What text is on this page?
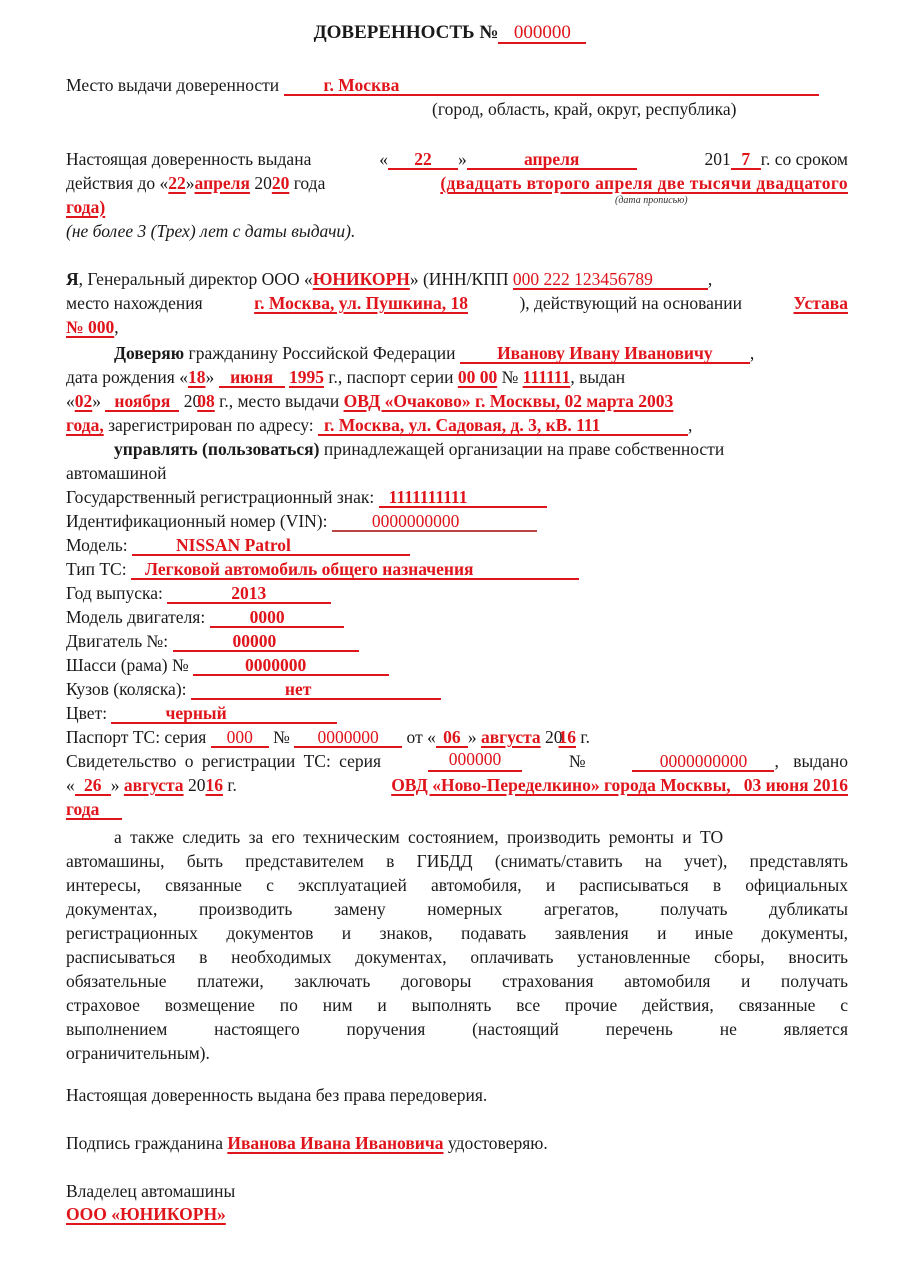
ДОВЕРЕННОСТЬ № 000000
Место выдачи доверенности	г. Москва
(город, область, край, округ, республика)
Настоящая доверенность выдана	« 22 »	апреля	201 7 г. со сроком
действия до «22»апреля 2020 года	(двадцать второго апреля две тысячи двадцатого
(дата прописью)
года)
(не более 3 (Трех) лет с даты выдачи).
Я, Генеральный директор ООО «ЮНИКОРН» (ИНН/КПП 000 222 123456789	,
место нахождения	г. Москва, ул. Пушкина, 18	), действующий на основании	Устава
№ 000,
Доверяю гражданину Российской Федерации Иванову Ивану Ивановичу ,
дата рождения «18» июня 1995 г., паспорт серии 00 00 № 111111, выдан
«02» ноября 2008 г., место выдачи ОВД «Очаково» г. Москвы, 02 марта 2003
года, зарегистрирован по адресу: г. Москва, ул. Садовая, д. 3, кВ. 111	,
управлять (пользоваться) принадлежащей организации на праве собственности
автомашиной
Государственный регистрационный знак: 1111111111
Идентификационный номер (VIN):	0000000000
Модель:	NISSAN Patrol
Тип ТС: Легковой автомобиль общего назначения
Год выпуска:	2013
Модель двигателя:	0000
Двигатель №:	00000
Шасси (рама) №	0000000
Кузов (коляска):	нет
Цвет:	черный
Паспорт ТС: серия 000 № 0000000 от « 06 » августа 2016 г.
Свидетельство о регистрации ТС: серия	000000	№	0000000000 , выдано
« 26 » августа 2016 г.	ОВД «Ново-Переделкино» города Москвы,   03 июня 2016
года
а также следить за его техническим состоянием, производить ремонты и ТО
автомашины, быть представителем в ГИБДД (снимать/ставить на учет), представлять
интересы, связанные с эксплуатацией автомобиля, и расписываться в официальных
документах, производить замену номерных агрегатов, получать дубликаты
регистрационных документов и знаков, подавать заявления и иные документы,
расписываться в необходимых документах, оплачивать установленные сборы, вносить
обязательные платежи, заключать договоры страхования автомобиля и получать
страховое возмещение по ним и выполнять все прочие действия, связанные с
выполнением настоящего поручения (настоящий перечень не является
ограничительным).
Настоящая доверенность выдана без права передоверия.
Подпись гражданина Иванова Ивана Ивановича удостоверяю.
Владелец автомашины
ООО «ЮНИКОРН»
